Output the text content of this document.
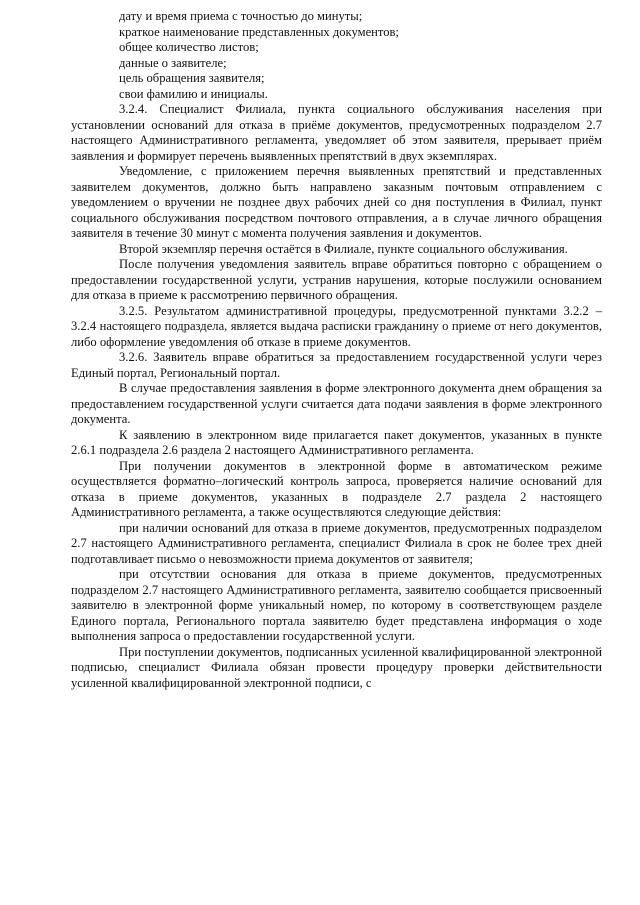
дату и время приема с точностью до минуты;
краткое наименование представленных документов;
общее количество листов;
данные о заявителе;
цель обращения заявителя;
свои фамилию и инициалы.
3.2.4. Специалист Филиала, пункта социального обслуживания населения при установлении оснований для отказа в приёме документов, предусмотренных подразделом 2.7 настоящего Административного регламента, уведомляет об этом заявителя, прерывает приём заявления и формирует перечень выявленных препятствий в двух экземплярах.
Уведомление, с приложением перечня выявленных препятствий и представленных заявителем документов, должно быть направлено заказным почтовым отправлением с уведомлением о вручении не позднее двух рабочих дней со дня поступления в Филиал, пункт социального обслуживания посредством почтового отправления, а в случае личного обращения заявителя в течение 30 минут с момента получения заявления и документов.
Второй экземпляр перечня остаётся в Филиале, пункте социального обслуживания.
После получения уведомления заявитель вправе обратиться повторно с обращением о предоставлении государственной услуги, устранив нарушения, которые послужили основанием для отказа в приеме к рассмотрению первичного обращения.
3.2.5. Результатом административной процедуры, предусмотренной пунктами 3.2.2 – 3.2.4 настоящего подраздела, является выдача расписки гражданину о приеме от него документов, либо оформление уведомления об отказе в приеме документов.
3.2.6. Заявитель вправе обратиться за предоставлением государственной услуги через Единый портал, Региональный портал.
В случае предоставления заявления в форме электронного документа днем обращения за предоставлением государственной услуги считается дата подачи заявления в форме электронного документа.
К заявлению в электронном виде прилагается пакет документов, указанных в пункте 2.6.1 подраздела 2.6 раздела 2 настоящего Административного регламента.
При получении документов в электронной форме в автоматическом режиме осуществляется форматно–логический контроль запроса, проверяется наличие оснований для отказа в приеме документов, указанных в подразделе 2.7 раздела 2 настоящего Административного регламента, а также осуществляются следующие действия:
при наличии оснований для отказа в приеме документов, предусмотренных подразделом 2.7 настоящего Административного регламента, специалист Филиала в срок не более трех дней подготавливает письмо о невозможности приема документов от заявителя;
при отсутствии основания для отказа в приеме документов, предусмотренных подразделом 2.7 настоящего Административного регламента, заявителю сообщается присвоенный заявителю в электронной форме уникальный номер, по которому в соответствующем разделе Единого портала, Регионального портала заявителю будет представлена информация о ходе выполнения запроса о предоставлении государственной услуги.
При поступлении документов, подписанных усиленной квалифицированной электронной подписью, специалист Филиала обязан провести процедуру проверки действительности усиленной квалифицированной электронной подписи, с
